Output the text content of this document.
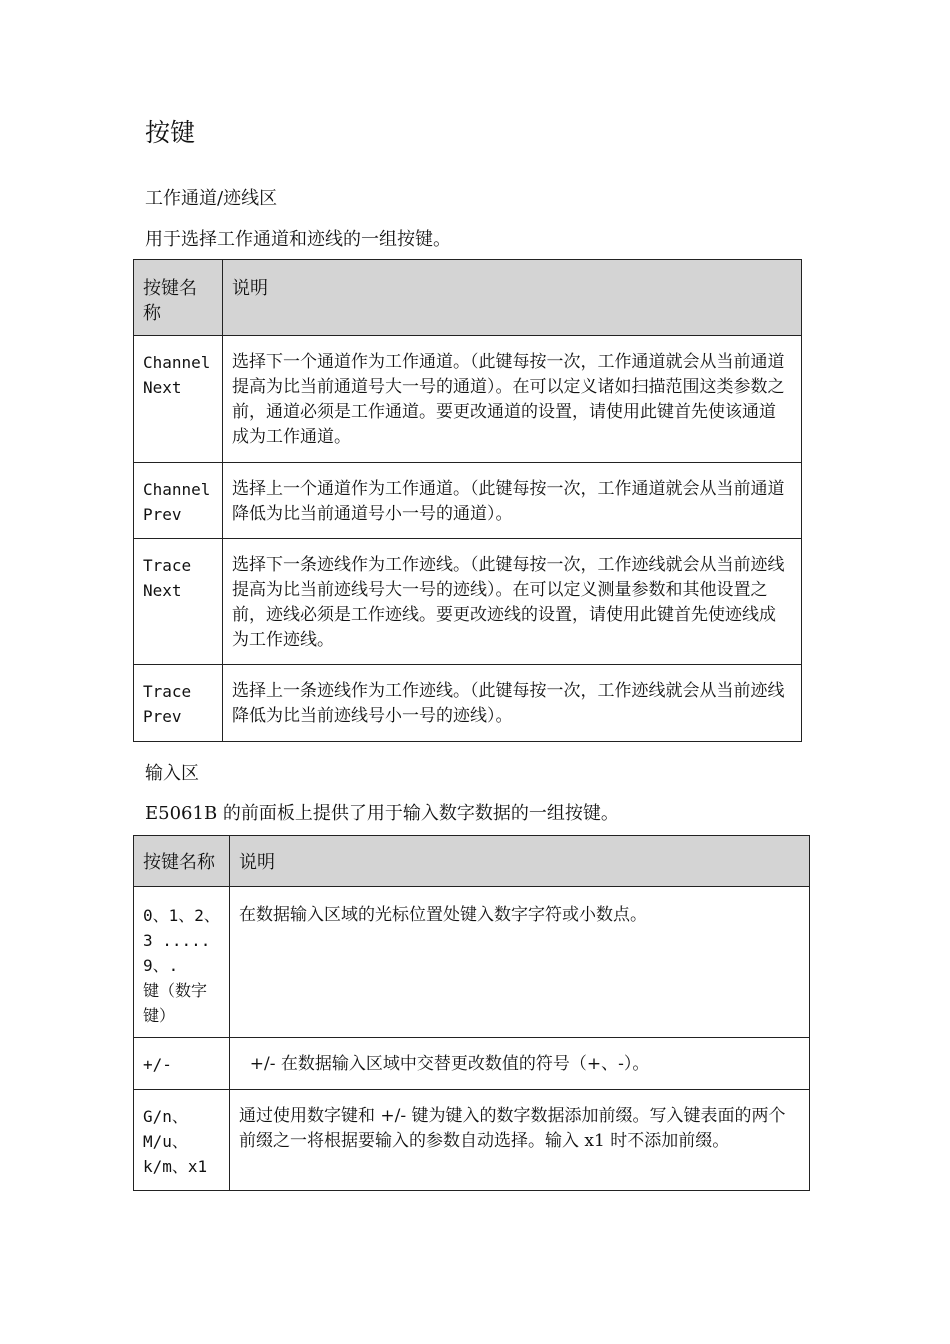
按键

工作通道/迹线区

用于选择工作通道和迹线的一组按键。

按键名
称	说明

Channel
Next	选择下一个通道作为工作通道。（此键每按一次，工作通道就会从当前通道提高为比当前通道号大一号的通道）。在可以定义诸如扫描范围这类参数之前，通道必须是工作通道。要更改通道的设置，请使用此键首先使该通道成为工作通道。

Channel
Prev	选择上一个通道作为工作通道。（此键每按一次，工作通道就会从当前通道降低为比当前通道号小一号的通道）。

Trace
Next	选择下一条迹线作为工作迹线。（此键每按一次，工作迹线就会从当前迹线提高为比当前迹线号大一号的迹线）。在可以定义测量参数和其他设置之前，迹线必须是工作迹线。要更改迹线的设置，请使用此键首先使迹线成为工作迹线。

Trace
Prev	选择上一条迹线作为工作迹线。（此键每按一次，工作迹线就会从当前迹线降低为比当前迹线号小一号的迹线）。

输入区

E5061B 的前面板上提供了用于输入数字数据的一组按键。

按键名称	说明

0、1、2、
3 .....
9、.
键（数字
键）	在数据输入区域的光标位置处键入数字字符或小数点。

+/-	+/- 在数据输入区域中交替更改数值的符号（+、-）。

G/n、M/u、
k/m、x1	通过使用数字键和 +/- 键为键入的数字数据添加前缀。写入键表面的两个前缀之一将根据要输入的参数自动选择。输入 x1 时不添加前缀。
